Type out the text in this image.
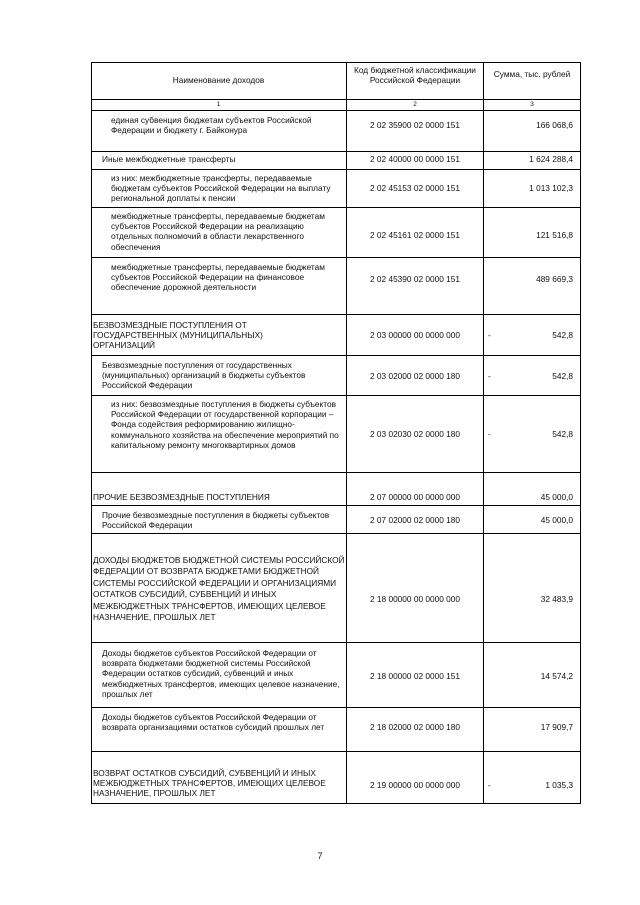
Наименование доходов
Код бюджетной классификации Российской Федерации
Сумма, тыс. рублей
1	2	3
единая субвенция бюджетам субъектов Российской Федерации и бюджету г. Байконура
2 02 35900 02 0000 151	166 068,6
Иные межбюджетные трансферты	2 02 40000 00 0000 151	1 624 288,4
из них: межбюджетные трансферты, передаваемые бюджетам субъектов Российской Федерации на выплату региональной доплаты к пенсии
2 02 45153 02 0000 151	1 013 102,3
межбюджетные трансферты, передаваемые бюджетам субъектов Российской Федерации на реализацию отдельных полномочий в области лекарственного обеспечения
2 02 45161 02 0000 151	121 516,8
межбюджетные трансферты, передаваемые бюджетам субъектов Российской Федерации на финансовое обеспечение дорожной деятельности
2 02 45390 02 0000 151	489 669,3
БЕЗВОЗМЕЗДНЫЕ ПОСТУПЛЕНИЯ ОТ ГОСУДАРСТВЕННЫХ (МУНИЦИПАЛЬНЫХ) ОРГАНИЗАЦИЙ
2 03 00000 00 0000 000	-	542,8
Безвозмездные поступления от государственных (муниципальных) организаций в бюджеты субъектов Российской Федерации
2 03 02000 02 0000 180	-	542,8
из них: безвозмездные поступления в бюджеты субъектов Российской Федерации от государственной корпорации – Фонда содействия реформированию жилищно-коммунального хозяйства на обеспечение мероприятий по капитальному ремонту многоквартирных домов
2 03 02030 02 0000 180	-	542,8
ПРОЧИЕ БЕЗВОЗМЕЗДНЫЕ ПОСТУПЛЕНИЯ	2 07 00000 00 0000 000	45 000,0
Прочие безвозмездные поступления в бюджеты субъектов Российской Федерации
2 07 02000 02 0000 180	45 000,0
ДОХОДЫ БЮДЖЕТОВ БЮДЖЕТНОЙ СИСТЕМЫ РОССИЙСКОЙ ФЕДЕРАЦИИ ОТ ВОЗВРАТА БЮДЖЕТАМИ БЮДЖЕТНОЙ СИСТЕМЫ РОССИЙСКОЙ ФЕДЕРАЦИИ И ОРГАНИЗАЦИЯМИ ОСТАТКОВ СУБСИДИЙ, СУБВЕНЦИЙ И ИНЫХ МЕЖБЮДЖЕТНЫХ ТРАНСФЕРТОВ, ИМЕЮЩИХ ЦЕЛЕВОЕ НАЗНАЧЕНИЕ, ПРОШЛЫХ ЛЕТ
2 18 00000 00 0000 000	32 483,9
Доходы бюджетов субъектов Российской Федерации от возврата бюджетами бюджетной системы Российской Федерации остатков субсидий, субвенций и иных межбюджетных трансфертов, имеющих целевое назначение, прошлых лет
2 18 00000 02 0000 151	14 574,2
Доходы бюджетов субъектов Российской Федерации от возврата организациями остатков субсидий прошлых лет	2 18 02000 02 0000 180	17 909,7
ВОЗВРАТ ОСТАТКОВ СУБСИДИЙ, СУБВЕНЦИЙ И ИНЫХ МЕЖБЮДЖЕТНЫХ ТРАНСФЕРТОВ, ИМЕЮЩИХ ЦЕЛЕВОЕ НАЗНАЧЕНИЕ, ПРОШЛЫХ ЛЕТ
2 19 00000 00 0000 000	-	1 035,3
7
